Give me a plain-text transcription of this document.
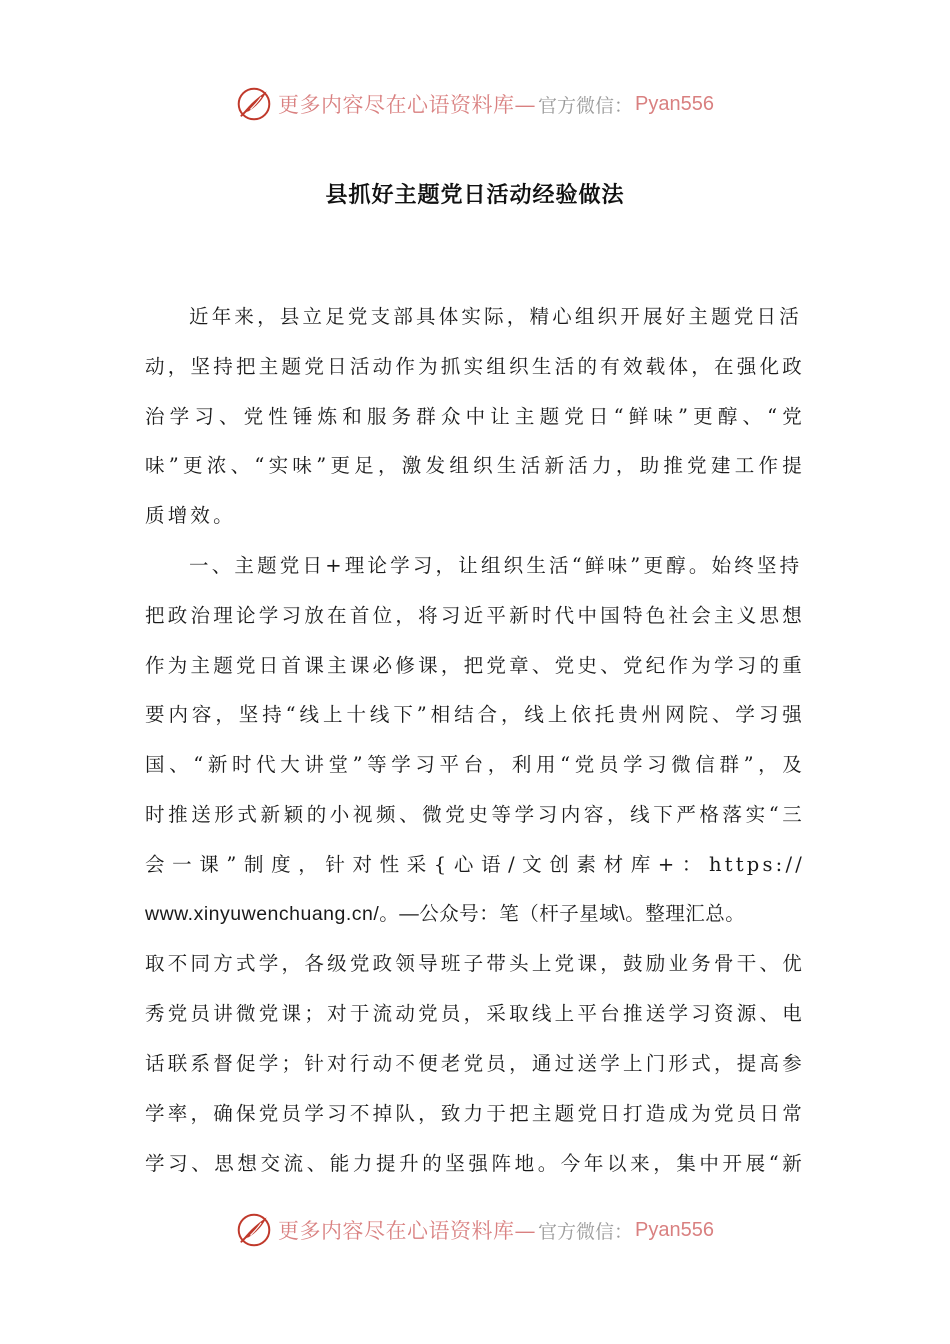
更多内容尽在心语资料库— 官方微信： Pyan556
县抓好主题党日活动经验做法
近年来，县立足党支部具体实际，精心组织开展好主题党日活
动，坚持把主题党日活动作为抓实组织生活的有效载体，在强化政
治学习、党性锤炼和服务群众中让主题党日“鲜味”更醇、“党
味”更浓、“实味”更足，激发组织生活新活力，助推党建工作提
质增效。
一、主题党日+理论学习，让组织生活“鲜味”更醇。始终坚持
把政治理论学习放在首位，将习近平新时代中国特色社会主义思想
作为主题党日首课主课必修课，把党章、党史、党纪作为学习的重
要内容，坚持“线上十线下”相结合，线上依托贵州网院、学习强
国、“新时代大讲堂”等学习平台，利用“党员学习微信群”，及
时推送形式新颖的小视频、微党史等学习内容，线下严格落实“三
会一课”制度，针对性采{心语/文创素材库+：https://
www.xinyuwenchuang.cn/。—公众号：笔（杆子星域\。整理汇总。
取不同方式学，各级党政领导班子带头上党课，鼓励业务骨干、优
秀党员讲微党课；对于流动党员，采取线上平台推送学习资源、电
话联系督促学；针对行动不便老党员，通过送学上门形式，提高参
学率，确保党员学习不掉队，致力于把主题党日打造成为党员日常
学习、思想交流、能力提升的坚强阵地。今年以来，集中开展“新
更多内容尽在心语资料库— 官方微信： Pyan556
